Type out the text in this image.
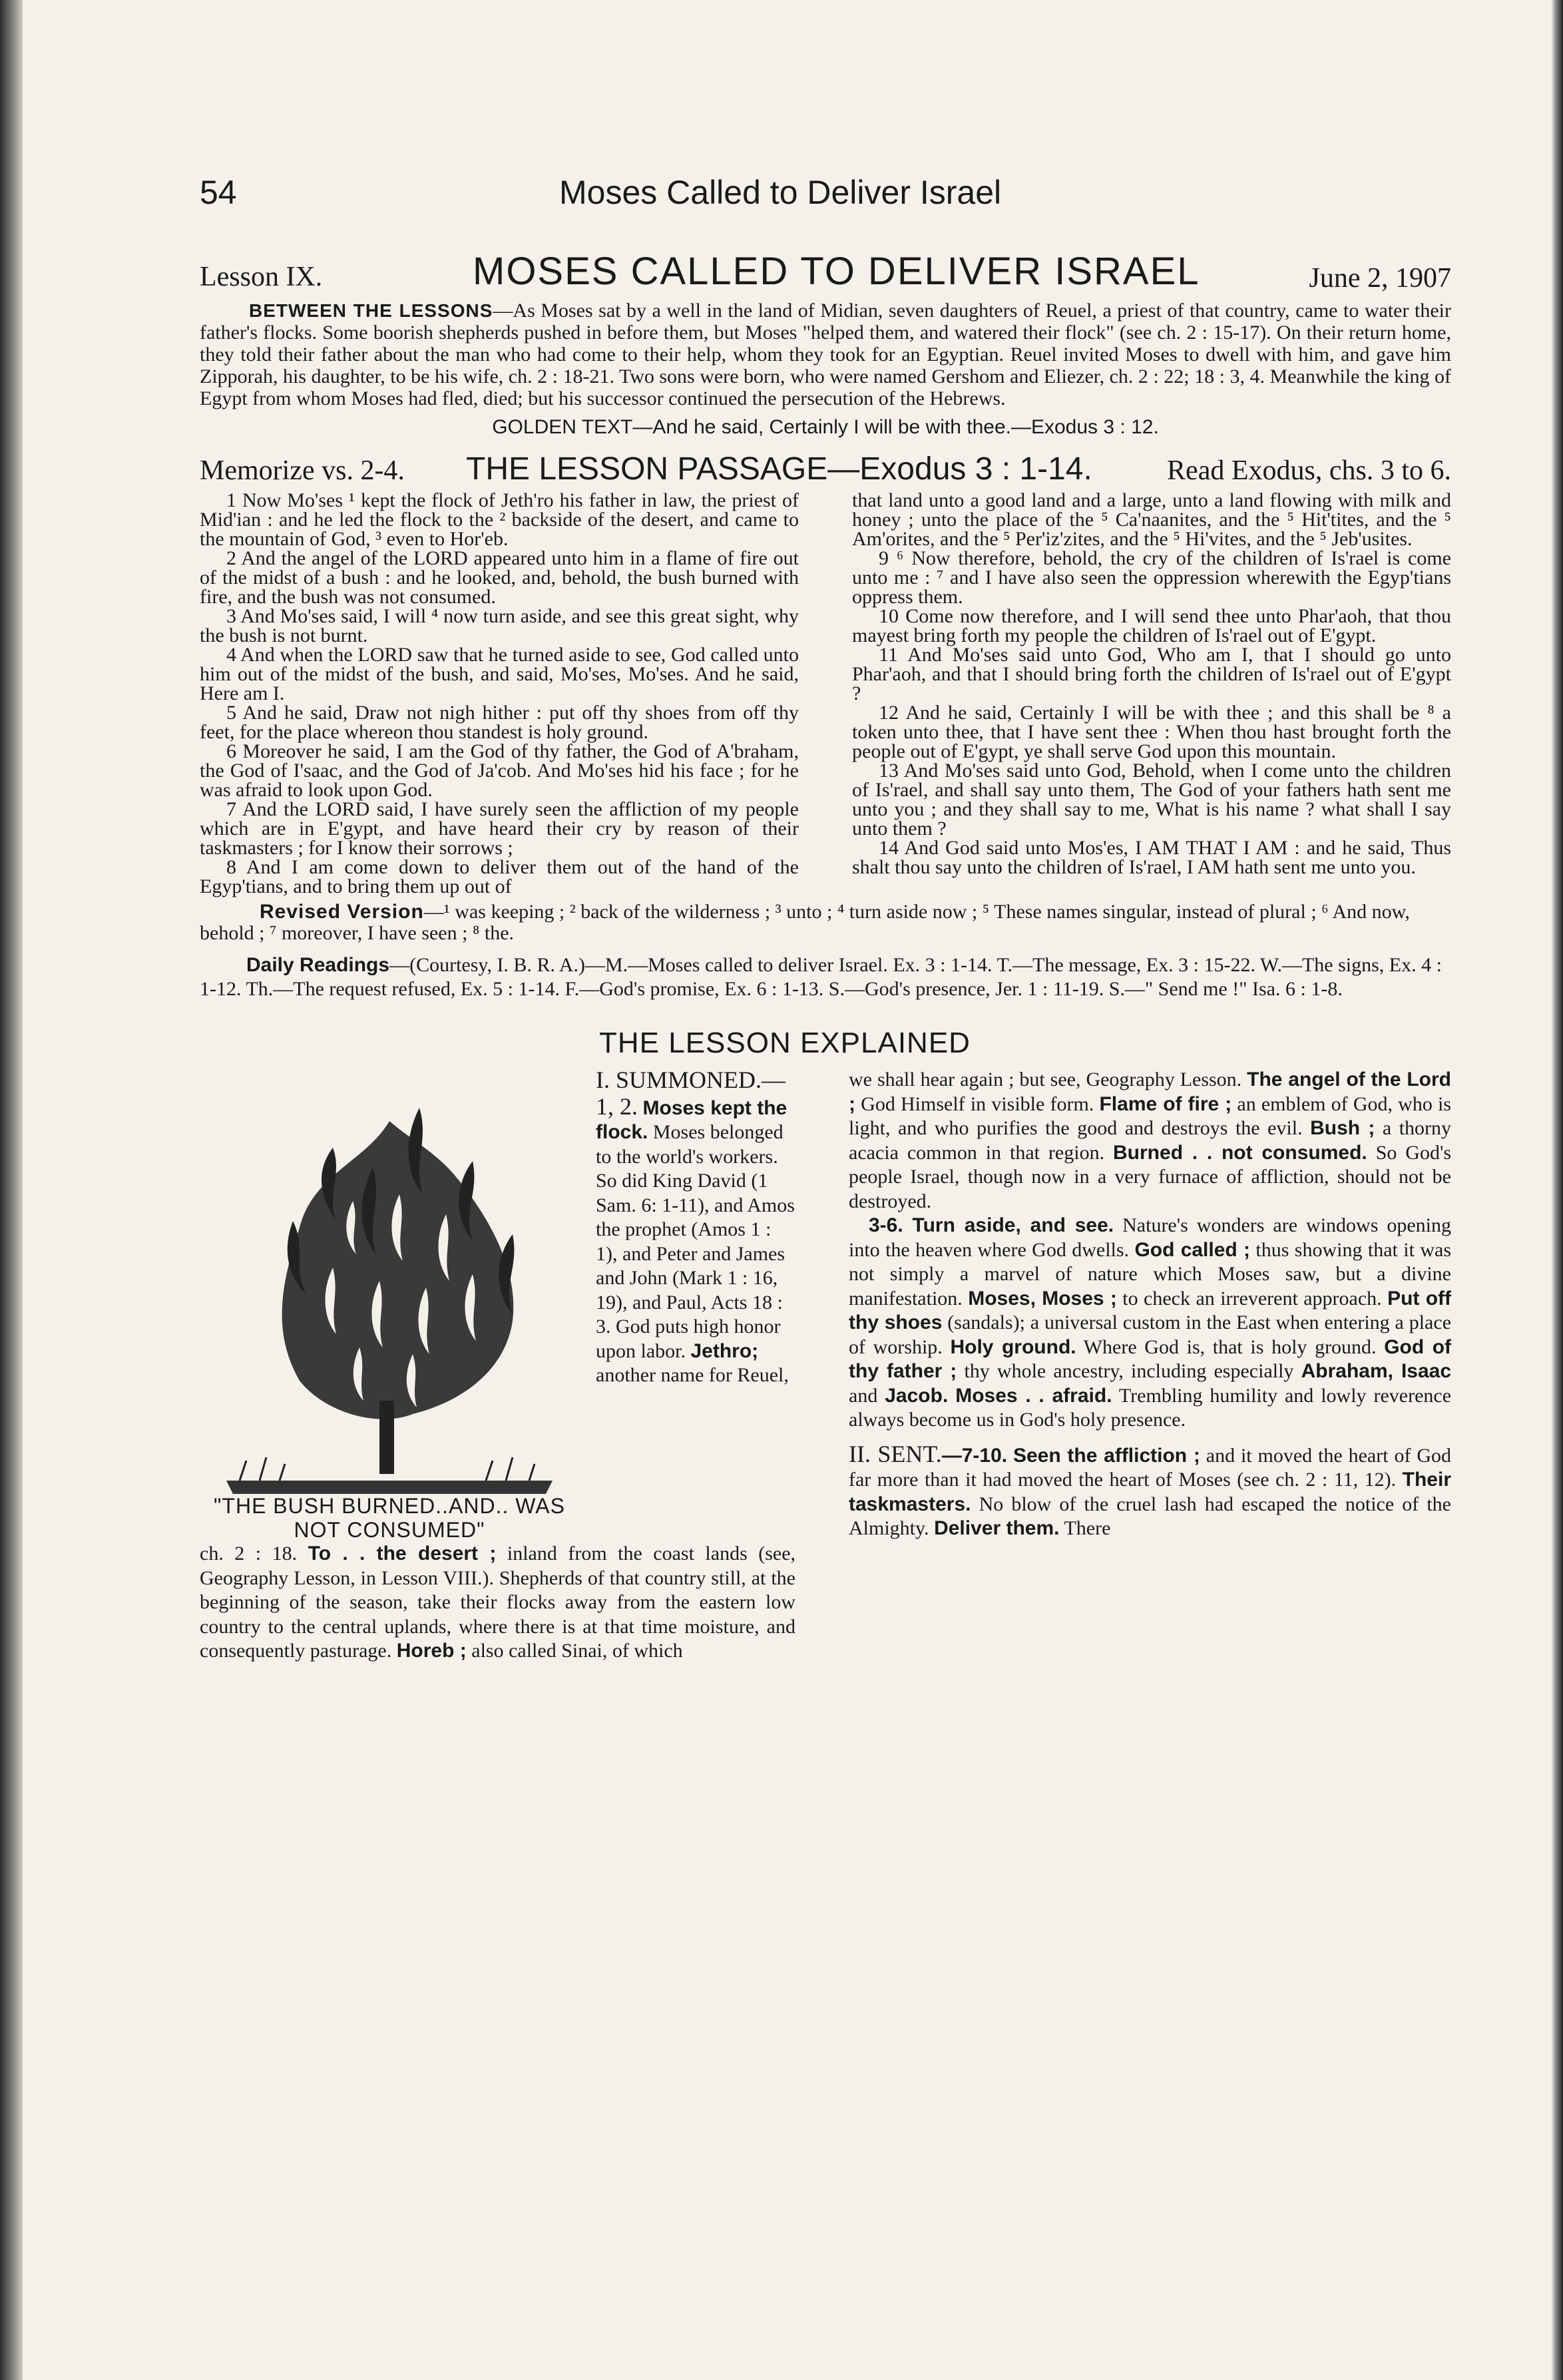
54	Moses Called to Deliver Israel
Lesson IX.	MOSES CALLED TO DELIVER ISRAEL	June 2, 1907

BETWEEN THE LESSONS—As Moses sat by a well in the land of Midian, seven daughters of Reuel, a priest of that country, came to water their father's flocks. Some boorish shepherds pushed in before them, but Moses "helped them, and watered their flock" (see ch. 2 : 15-17). On their return home, they told their father about the man who had come to their help, whom they took for an Egyptian. Reuel invited Moses to dwell with him, and gave him Zipporah, his daughter, to be his wife, ch. 2 : 18-21. Two sons were born, who were named Gershom and Eliezer, ch. 2 : 22; 18 : 3, 4. Meanwhile the king of Egypt from whom Moses had fled, died; but his successor continued the persecution of the Hebrews.

GOLDEN TEXT—And he said, Certainly I will be with thee.—Exodus 3 : 12.

Memorize vs. 2-4. THE LESSON PASSAGE—Exodus 3 : 1-14.	Read Exodus, chs. 3 to 6.

1 Now Mo'ses ¹ kept the flock of Jeth'ro his father in law, the priest of Mid'ian : and he led the flock to the ² backside of the desert, and came to the mountain of God, ³ even to Hor'eb.

2 And the angel of the LORD appeared unto him in a flame of fire out of the midst of a bush : and he looked, and, behold, the bush burned with fire, and the bush was not consumed.

3 And Mo'ses said, I will ⁴ now turn aside, and see this great sight, why the bush is not burnt.

4 And when the LORD saw that he turned aside to see, God called unto him out of the midst of the bush, and said, Mo'ses, Mo'ses. And he said, Here am I.

5 And he said, Draw not nigh hither : put off thy shoes from off thy feet, for the place whereon thou standest is holy ground.

6 Moreover he said, I am the God of thy father, the God of A'braham, the God of I'saac, and the God of Ja'cob. And Mo'ses hid his face ; for he was afraid to look upon God.

7 And the LORD said, I have surely seen the affliction of my people which are in E'gypt, and have heard their cry by reason of their taskmasters ; for I know their sorrows ;

8 And I am come down to deliver them out of the hand of the Egyp'tians, and to bring them up out of

that land unto a good land and a large, unto a land flowing with milk and honey ; unto the place of the ⁵ Ca'naanites, and the ⁵ Hit'tites, and the ⁵ Am'orites, and the ⁵ Per'iz'zites, and the ⁵ Hi'vites, and the ⁵ Jeb'usites.

9 ⁶ Now therefore, behold, the cry of the children of Is'rael is come unto me : ⁷ and I have also seen the oppression wherewith the Egyp'tians oppress them.

10 Come now therefore, and I will send thee unto Phar'aoh, that thou mayest bring forth my people the children of Is'rael out of E'gypt.

11 And Mo'ses said unto God, Who am I, that I should go unto Phar'aoh, and that I should bring forth the children of Is'rael out of E'gypt ?

12 And he said, Certainly I will be with thee ; and this shall be ⁸ a token unto thee, that I have sent thee : When thou hast brought forth the people out of E'gypt, ye shall serve God upon this mountain.

13 And Mo'ses said unto God, Behold, when I come unto the children of Is'rael, and shall say unto them, The God of your fathers hath sent me unto you ; and they shall say to me, What is his name ? what shall I say unto them ?

14 And God said unto Mos'es, I AM THAT I AM : and he said, Thus shalt thou say unto the children of Is'rael, I AM hath sent me unto you.

Revised Version—¹ was keeping ; ² back of the wilderness ; ³ unto ; ⁴ turn aside now ; ⁵ These names singular, instead of plural ; ⁶ And now, behold ; ⁷ moreover, I have seen ; ⁸ the.

Daily Readings—(Courtesy, I. B. R. A.)—M.—Moses called to deliver Israel. Ex. 3 : 1-14. T.—The message, Ex. 3 : 15-22. W.—The signs, Ex. 4 : 1-12. Th.—The request refused, Ex. 5 : 1-14. F.—God's promise, Ex. 6 : 1-13. S.—God's presence, Jer. 1 : 11-19. S.—" Send me !" Isa. 6 : 1-8.

THE LESSON EXPLAINED
"THE BUSH BURNED..AND.. WAS NOT CONSUMED"
I. SUMMONED.—1, 2. Moses kept the flock. Moses belonged to the world's workers. So did King David (1 Sam. 6: 1-11), and Amos the prophet (Amos 1 : 1), and Peter and James and John (Mark 1 : 16, 19), and Paul, Acts 18 : 3. God puts high honor upon labor. Jethro; another name for Reuel,

ch. 2 : 18. To . . the desert ; inland from the coast lands (see, Geography Lesson, in Lesson VIII.). Shepherds of that country still, at the beginning of the season, take their flocks away from the eastern low country to the central uplands, where there is at that time moisture, and consequently pasturage. Horeb ; also called Sinai, of which

we shall hear again ; but see, Geography Lesson. The angel of the Lord ; God Himself in visible form. Flame of fire ; an emblem of God, who is light, and who purifies the good and destroys the evil. Bush ; a thorny acacia common in that region. Burned . . not consumed. So God's people Israel, though now in a very furnace of affliction, should not be destroyed.

3-6. Turn aside, and see. Nature's wonders are windows opening into the heaven where God dwells. God called ; thus showing that it was not simply a marvel of nature which Moses saw, but a divine manifestation. Moses, Moses ; to check an irreverent approach. Put off thy shoes (sandals); a universal custom in the East when entering a place of worship. Holy ground. Where God is, that is holy ground. God of thy father ; thy whole ancestry, including especially Abraham, Isaac and Jacob. Moses . . afraid. Trembling humility and lowly reverence always become us in God's holy presence.

II. SENT.—7-10. Seen the affliction ; and it moved the heart of God far more than it had moved the heart of Moses (see ch. 2 : 11, 12). Their taskmasters. No blow of the cruel lash had escaped the notice of the Almighty. Deliver them. There
